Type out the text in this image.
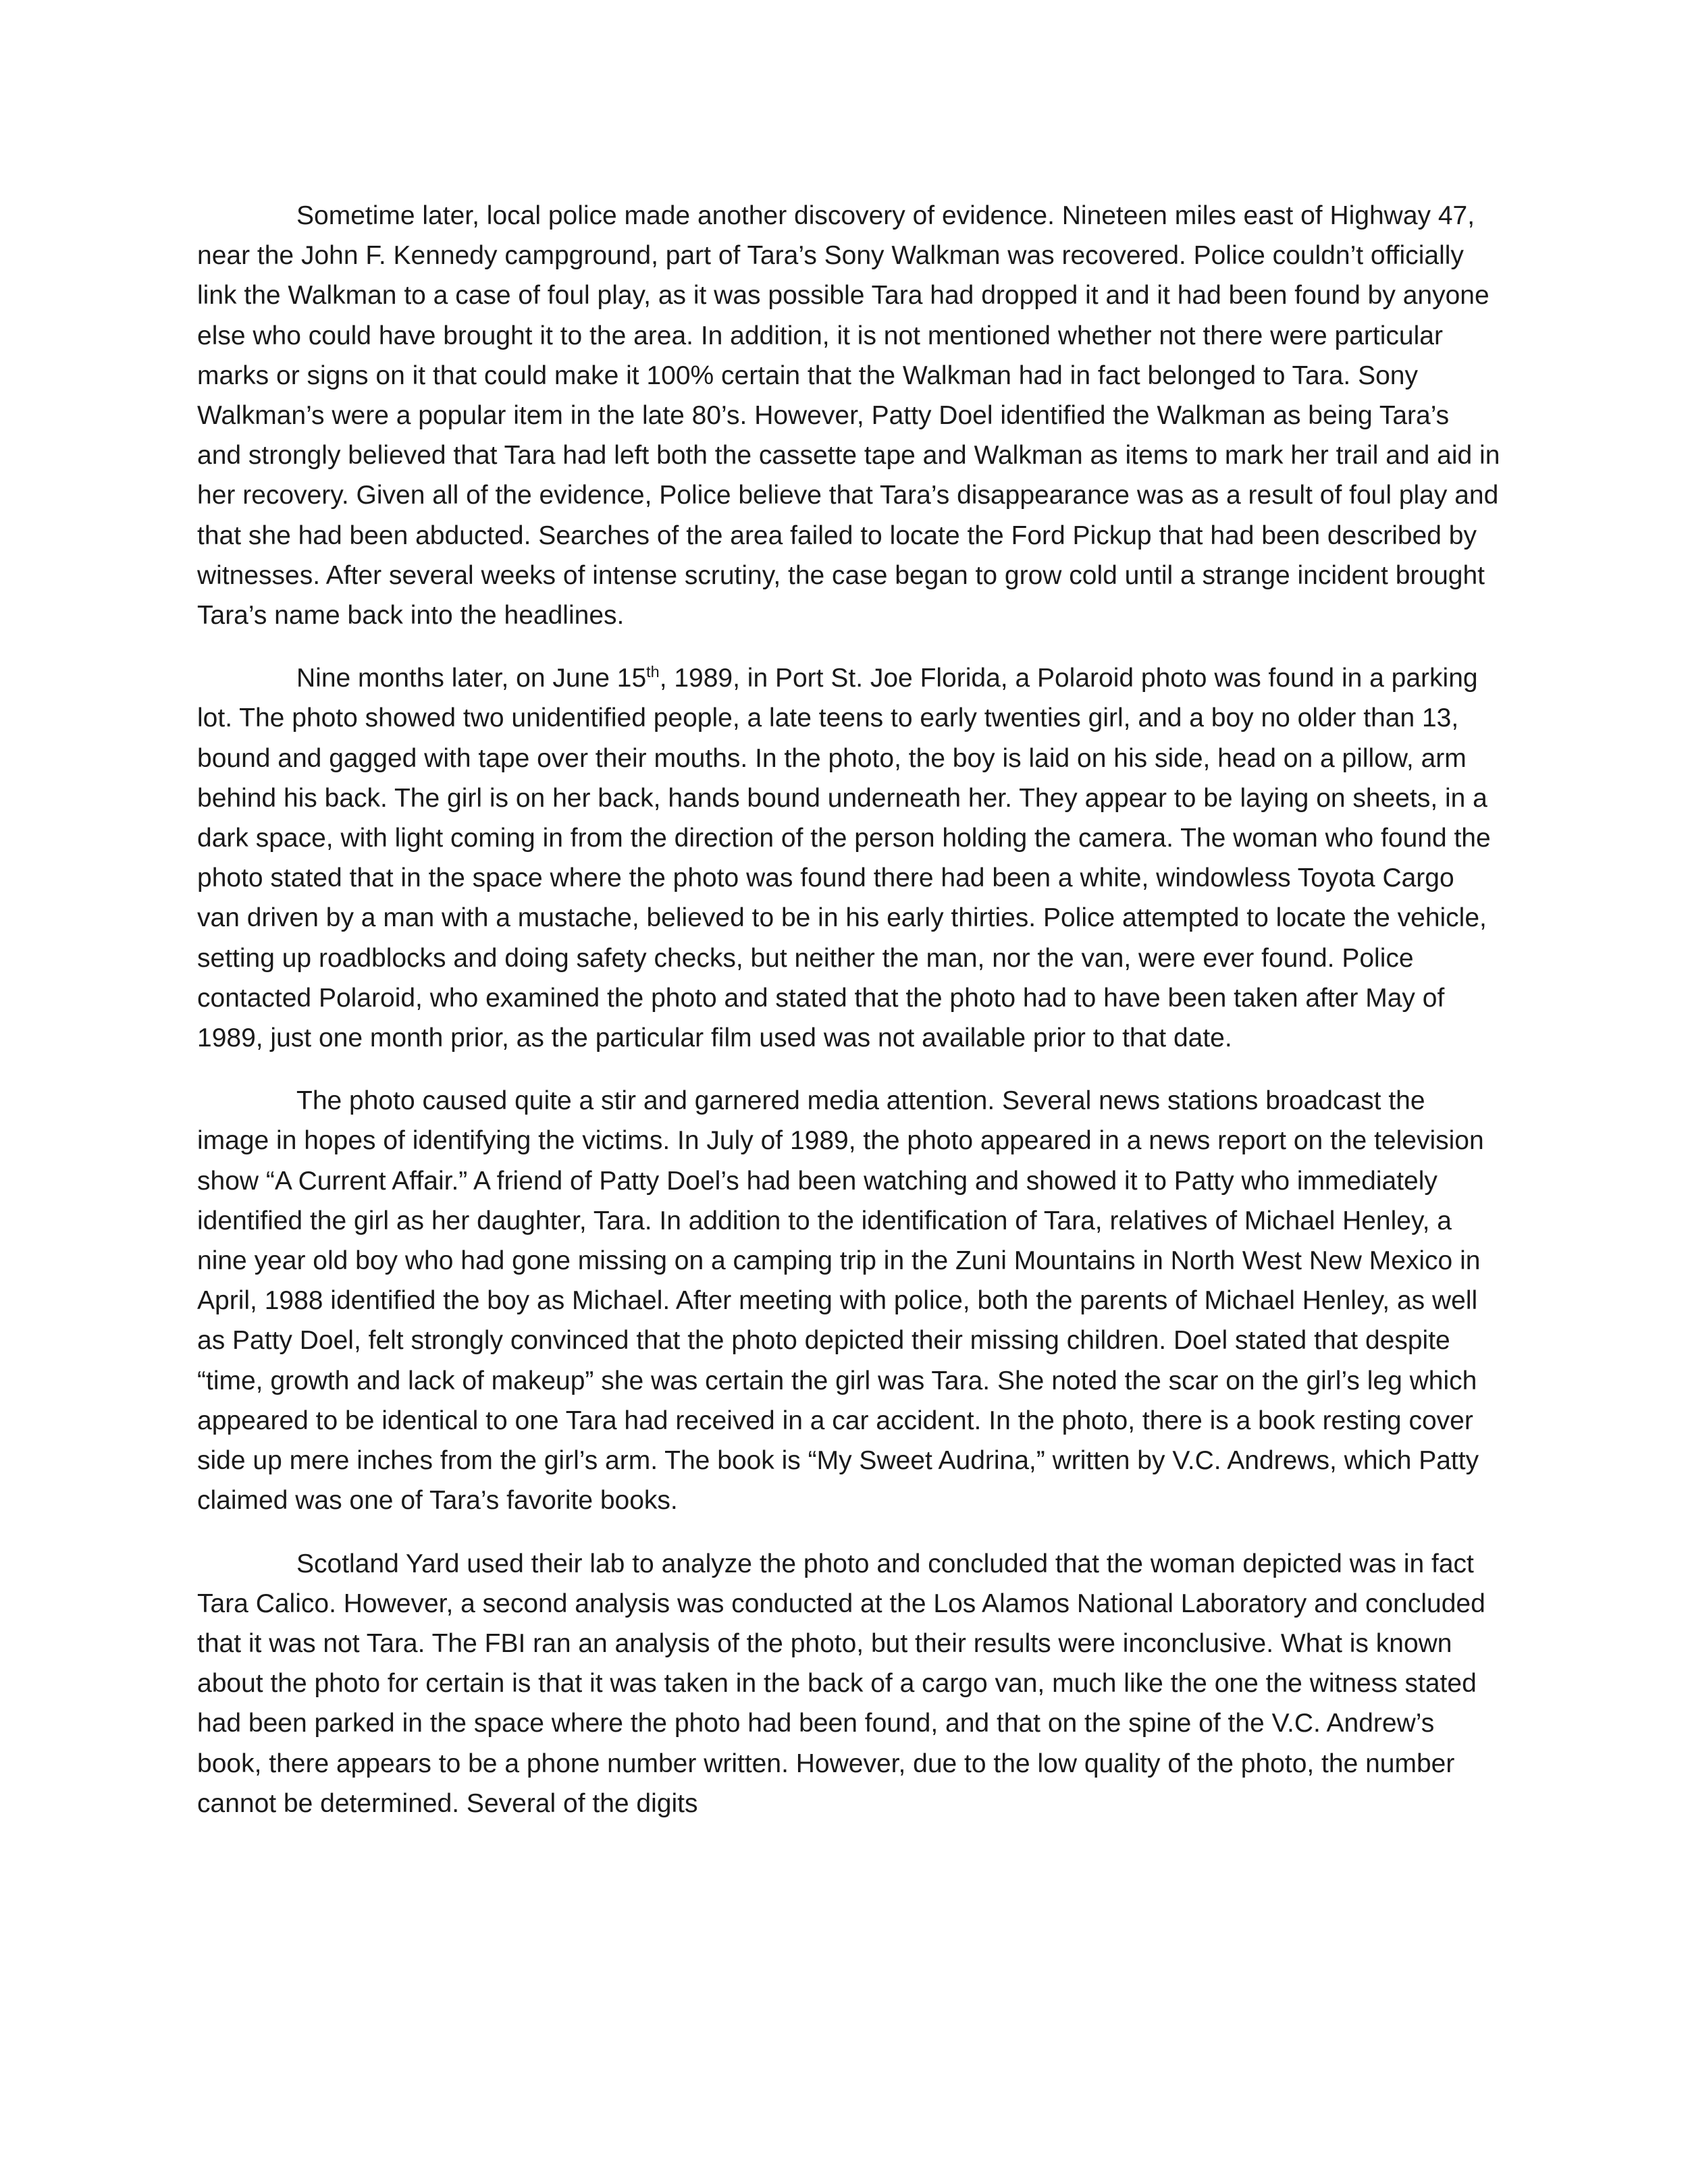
Sometime later, local police made another discovery of evidence. Nineteen miles east of Highway 47, near the John F. Kennedy campground, part of Tara’s Sony Walkman was recovered. Police couldn’t officially link the Walkman to a case of foul play, as it was possible Tara had dropped it and it had been found by anyone else who could have brought it to the area. In addition, it is not mentioned whether not there were particular marks or signs on it that could make it 100% certain that the Walkman had in fact belonged to Tara. Sony Walkman’s were a popular item in the late 80’s. However, Patty Doel identified the Walkman as being Tara’s and strongly believed that Tara had left both the cassette tape and Walkman as items to mark her trail and aid in her recovery. Given all of the evidence, Police believe that Tara’s disappearance was as a result of foul play and that she had been abducted. Searches of the area failed to locate the Ford Pickup that had been described by witnesses. After several weeks of intense scrutiny, the case began to grow cold until a strange incident brought Tara’s name back into the headlines.

Nine months later, on June 15th, 1989, in Port St. Joe Florida, a Polaroid photo was found in a parking lot. The photo showed two unidentified people, a late teens to early twenties girl, and a boy no older than 13, bound and gagged with tape over their mouths. In the photo, the boy is laid on his side, head on a pillow, arm behind his back. The girl is on her back, hands bound underneath her. They appear to be laying on sheets, in a dark space, with light coming in from the direction of the person holding the camera. The woman who found the photo stated that in the space where the photo was found there had been a white, windowless Toyota Cargo van driven by a man with a mustache, believed to be in his early thirties. Police attempted to locate the vehicle, setting up roadblocks and doing safety checks, but neither the man, nor the van, were ever found. Police contacted Polaroid, who examined the photo and stated that the photo had to have been taken after May of 1989, just one month prior, as the particular film used was not available prior to that date.

The photo caused quite a stir and garnered media attention. Several news stations broadcast the image in hopes of identifying the victims. In July of 1989, the photo appeared in a news report on the television show “A Current Affair.” A friend of Patty Doel’s had been watching and showed it to Patty who immediately identified the girl as her daughter, Tara. In addition to the identification of Tara, relatives of Michael Henley, a nine year old boy who had gone missing on a camping trip in the Zuni Mountains in North West New Mexico in April, 1988 identified the boy as Michael. After meeting with police, both the parents of Michael Henley, as well as Patty Doel, felt strongly convinced that the photo depicted their missing children. Doel stated that despite “time, growth and lack of makeup” she was certain the girl was Tara. She noted the scar on the girl’s leg which appeared to be identical to one Tara had received in a car accident. In the photo, there is a book resting cover side up mere inches from the girl’s arm. The book is “My Sweet Audrina,” written by V.C. Andrews, which Patty claimed was one of Tara’s favorite books.

Scotland Yard used their lab to analyze the photo and concluded that the woman depicted was in fact Tara Calico. However, a second analysis was conducted at the Los Alamos National Laboratory and concluded that it was not Tara. The FBI ran an analysis of the photo, but their results were inconclusive. What is known about the photo for certain is that it was taken in the back of a cargo van, much like the one the witness stated had been parked in the space where the photo had been found, and that on the spine of the V.C. Andrew’s book, there appears to be a phone number written. However, due to the low quality of the photo, the number cannot be determined. Several of the digits
